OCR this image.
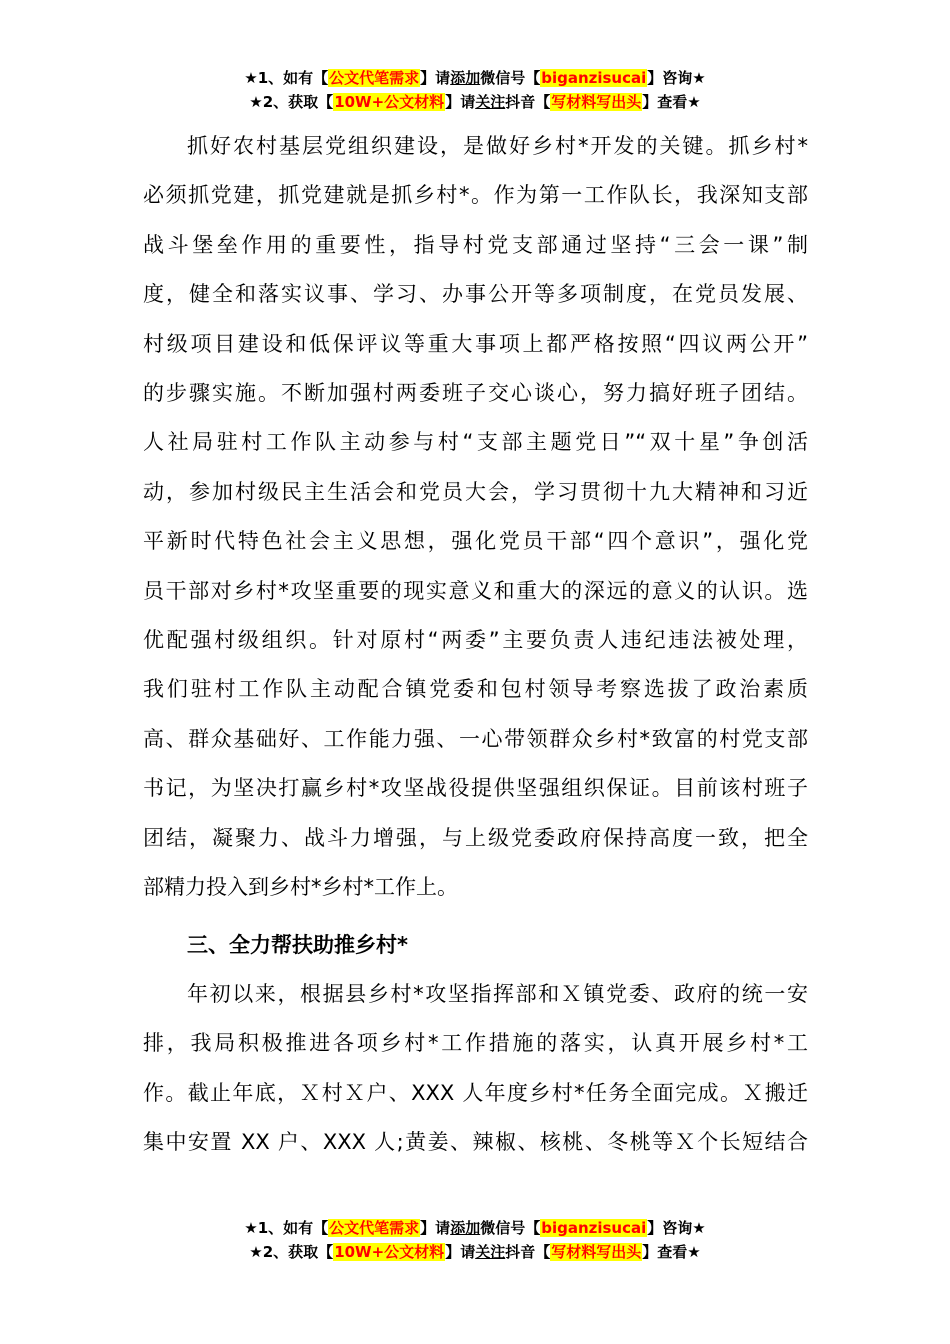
★1、如有【公文代笔需求】请添加微信号【biganzisucai】咨询★
★2、获取【10W+公文材料】请关注抖音【写材料写出头】查看★

抓好农村基层党组织建设，是做好乡村*开发的关键。抓乡村*

必须抓党建，抓党建就是抓乡村*。作为第一工作队长，我深知支部

战斗堡垒作用的重要性，指导村党支部通过坚持“三会一课”制

度，健全和落实议事、学习、办事公开等多项制度，在党员发展、

村级项目建设和低保评议等重大事项上都严格按照“四议两公开”

的步骤实施。不断加强村两委班子交心谈心，努力搞好班子团结。

人社局驻村工作队主动参与村“支部主题党日”“双十星”争创活

动，参加村级民主生活会和党员大会，学习贯彻十九大精神和习近

平新时代特色社会主义思想，强化党员干部“四个意识”，强化党

员干部对乡村*攻坚重要的现实意义和重大的深远的意义的认识。选

优配强村级组织。针对原村“两委”主要负责人违纪违法被处理，

我们驻村工作队主动配合镇党委和包村领导考察选拔了政治素质

高、群众基础好、工作能力强、一心带领群众乡村*致富的村党支部

书记，为坚决打赢乡村*攻坚战役提供坚强组织保证。目前该村班子

团结，凝聚力、战斗力增强，与上级党委政府保持高度一致，把全

部精力投入到乡村*乡村*工作上。

三、全力帮扶助推乡村*

年初以来，根据县乡村*攻坚指挥部和Ｘ镇党委、政府的统一安

排，我局积极推进各项乡村*工作措施的落实，认真开展乡村*工

作。截止年底，Ｘ村Ｘ户、XXX 人年度乡村*任务全面完成。Ｘ搬迁

集中安置 XX 户、XXX 人;黄姜、辣椒、核桃、冬桃等Ｘ个长短结合

★1、如有【公文代笔需求】请添加微信号【biganzisucai】咨询★
★2、获取【10W+公文材料】请关注抖音【写材料写出头】查看★
